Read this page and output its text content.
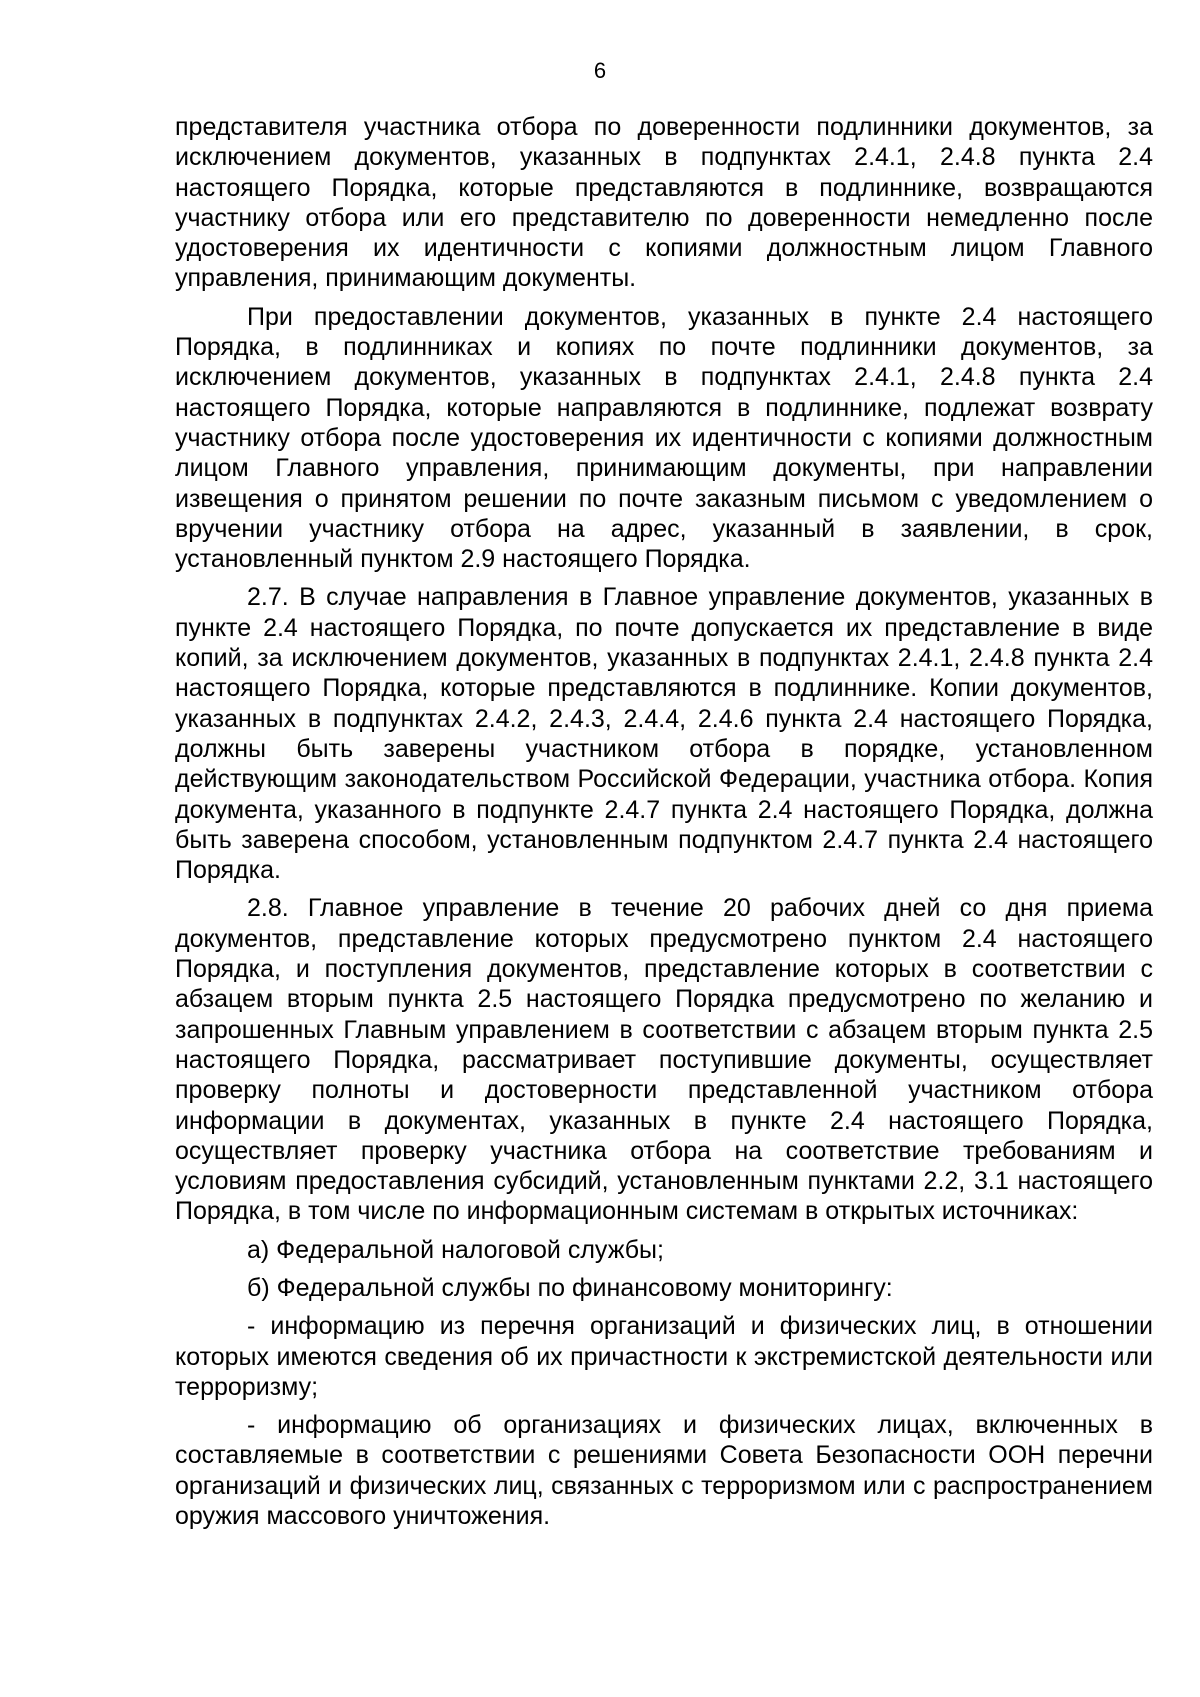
6

представителя участника отбора по доверенности подлинники документов, за исключением документов, указанных в подпунктах 2.4.1, 2.4.8 пункта 2.4 настоящего Порядка, которые представляются в подлиннике, возвращаются участнику отбора или его представителю по доверенности немедленно после удостоверения их идентичности с копиями должностным лицом Главного управления, принимающим документы.

При предоставлении документов, указанных в пункте 2.4 настоящего Порядка, в подлинниках и копиях по почте подлинники документов, за исключением документов, указанных в подпунктах 2.4.1, 2.4.8 пункта 2.4 настоящего Порядка, которые направляются в подлиннике, подлежат возврату участнику отбора после удостоверения их идентичности с копиями должностным лицом Главного управления, принимающим документы, при направлении извещения о принятом решении по почте заказным письмом с уведомлением о вручении участнику отбора на адрес, указанный в заявлении, в срок, установленный пунктом 2.9 настоящего Порядка.

2.7. В случае направления в Главное управление документов, указанных в пункте 2.4 настоящего Порядка, по почте допускается их представление в виде копий, за исключением документов, указанных в подпунктах 2.4.1, 2.4.8 пункта 2.4 настоящего Порядка, которые представляются в подлиннике. Копии документов, указанных в подпунктах 2.4.2, 2.4.3, 2.4.4, 2.4.6 пункта 2.4 настоящего Порядка, должны быть заверены участником отбора в порядке, установленном действующим законодательством Российской Федерации, участника отбора. Копия документа, указанного в подпункте 2.4.7 пункта 2.4 настоящего Порядка, должна быть заверена способом, установленным подпунктом 2.4.7 пункта 2.4 настоящего Порядка.

2.8. Главное управление в течение 20 рабочих дней со дня приема документов, представление которых предусмотрено пунктом 2.4 настоящего Порядка, и поступления документов, представление которых в соответствии с абзацем вторым пункта 2.5 настоящего Порядка предусмотрено по желанию и запрошенных Главным управлением в соответствии с абзацем вторым пункта 2.5 настоящего Порядка, рассматривает поступившие документы, осуществляет проверку полноты и достоверности представленной участником отбора информации в документах, указанных в пункте 2.4 настоящего Порядка, осуществляет проверку участника отбора на соответствие требованиям и условиям предоставления субсидий, установленным пунктами 2.2, 3.1 настоящего Порядка, в том числе по информационным системам в открытых источниках:

а) Федеральной налоговой службы;

б) Федеральной службы по финансовому мониторингу:

- информацию из перечня организаций и физических лиц, в отношении которых имеются сведения об их причастности к экстремистской деятельности или терроризму;

- информацию об организациях и физических лицах, включенных в составляемые в соответствии с решениями Совета Безопасности ООН перечни организаций и физических лиц, связанных с терроризмом или с распространением оружия массового уничтожения.
